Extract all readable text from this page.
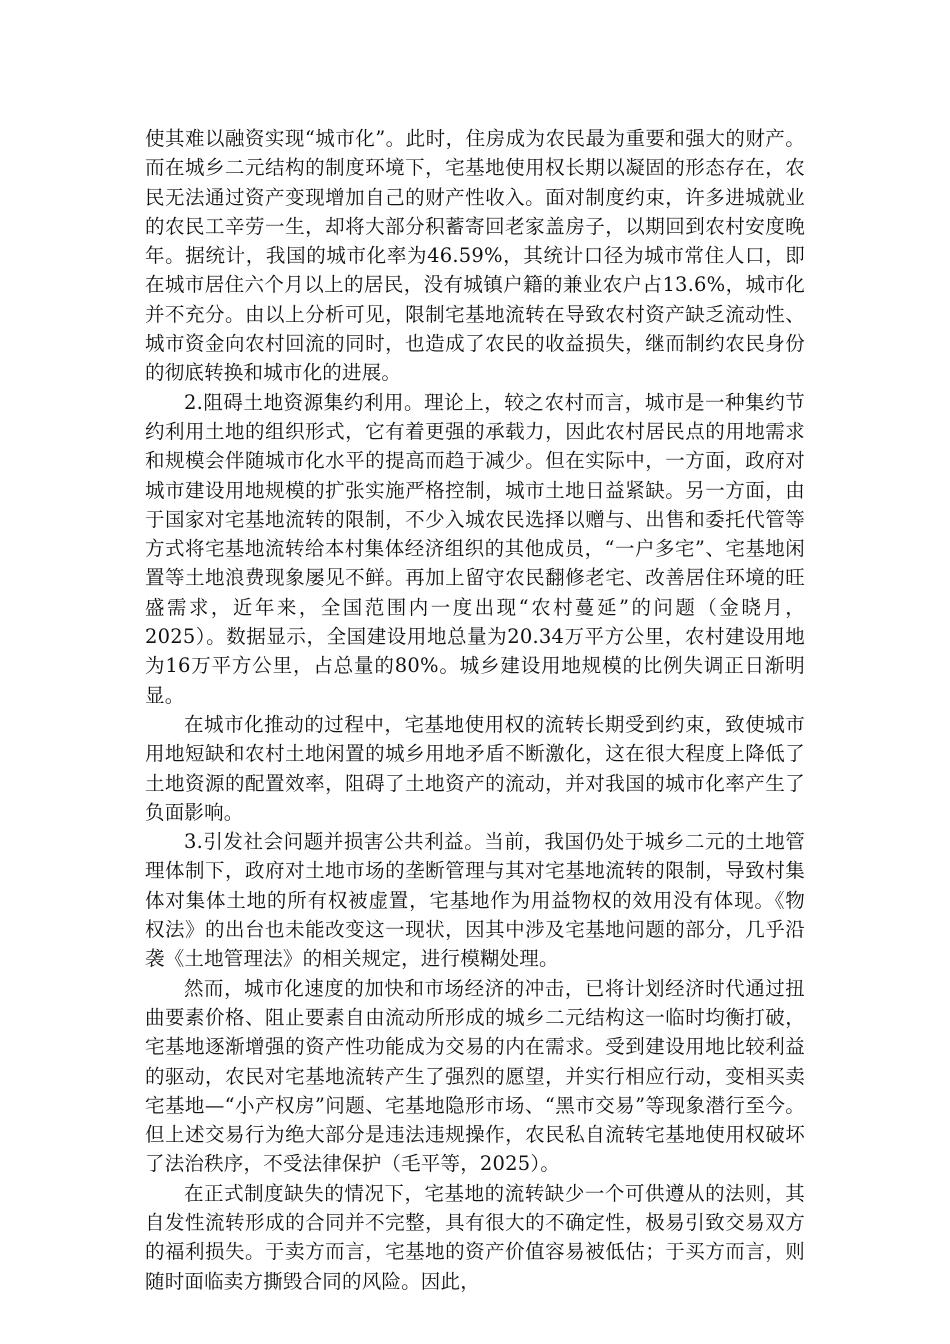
使其难以融资实现“城市化”。此时，住房成为农民最为重要和强大的财产。而在城乡二元结构的制度环境下，宅基地使用权长期以凝固的形态存在，农民无法通过资产变现增加自己的财产性收入。面对制度约束，许多进城就业的农民工辛劳一生，却将大部分积蓄寄回老家盖房子，以期回到农村安度晚年。据统计，我国的城市化率为46.59%，其统计口径为城市常住人口，即在城市居住六个月以上的居民，没有城镇户籍的兼业农户占13.6%，城市化并不充分。由以上分析可见，限制宅基地流转在导致农村资产缺乏流动性、城市资金向农村回流的同时，也造成了农民的收益损失，继而制约农民身份的彻底转换和城市化的进展。

2.阻碍土地资源集约利用。理论上，较之农村而言，城市是一种集约节约利用土地的组织形式，它有着更强的承载力，因此农村居民点的用地需求和规模会伴随城市化水平的提高而趋于减少。但在实际中，一方面，政府对城市建设用地规模的扩张实施严格控制，城市土地日益紧缺。另一方面，由于国家对宅基地流转的限制，不少入城农民选择以赠与、出售和委托代管等方式将宅基地流转给本村集体经济组织的其他成员，“一户多宅”、宅基地闲置等土地浪费现象屡见不鲜。再加上留守农民翻修老宅、改善居住环境的旺盛需求，近年来，全国范围内一度出现“农村蔓延”的问题（金晓月，2025）。数据显示，全国建设用地总量为20.34万平方公里，农村建设用地为16万平方公里，占总量的80%。城乡建设用地规模的比例失调正日渐明显。

在城市化推动的过程中，宅基地使用权的流转长期受到约束，致使城市用地短缺和农村土地闲置的城乡用地矛盾不断激化，这在很大程度上降低了土地资源的配置效率，阻碍了土地资产的流动，并对我国的城市化率产生了负面影响。

3.引发社会问题并损害公共利益。当前，我国仍处于城乡二元的土地管理体制下，政府对土地市场的垄断管理与其对宅基地流转的限制，导致村集体对集体土地的所有权被虚置，宅基地作为用益物权的效用没有体现。《物权法》的出台也未能改变这一现状，因其中涉及宅基地问题的部分，几乎沿袭《土地管理法》的相关规定，进行模糊处理。

然而，城市化速度的加快和市场经济的冲击，已将计划经济时代通过扭曲要素价格、阻止要素自由流动所形成的城乡二元结构这一临时均衡打破，宅基地逐渐增强的资产性功能成为交易的内在需求。受到建设用地比较利益的驱动，农民对宅基地流转产生了强烈的愿望，并实行相应行动，变相买卖宅基地—“小产权房”问题、宅基地隐形市场、“黑市交易”等现象潜行至今。但上述交易行为绝大部分是违法违规操作，农民私自流转宅基地使用权破坏了法治秩序，不受法律保护（毛平等，2025）。

在正式制度缺失的情况下，宅基地的流转缺少一个可供遵从的法则，其自发性流转形成的合同并不完整，具有很大的不确定性，极易引致交易双方的福利损失。于卖方而言，宅基地的资产价值容易被低估；于买方而言，则随时面临卖方撕毁合同的风险。因此，
